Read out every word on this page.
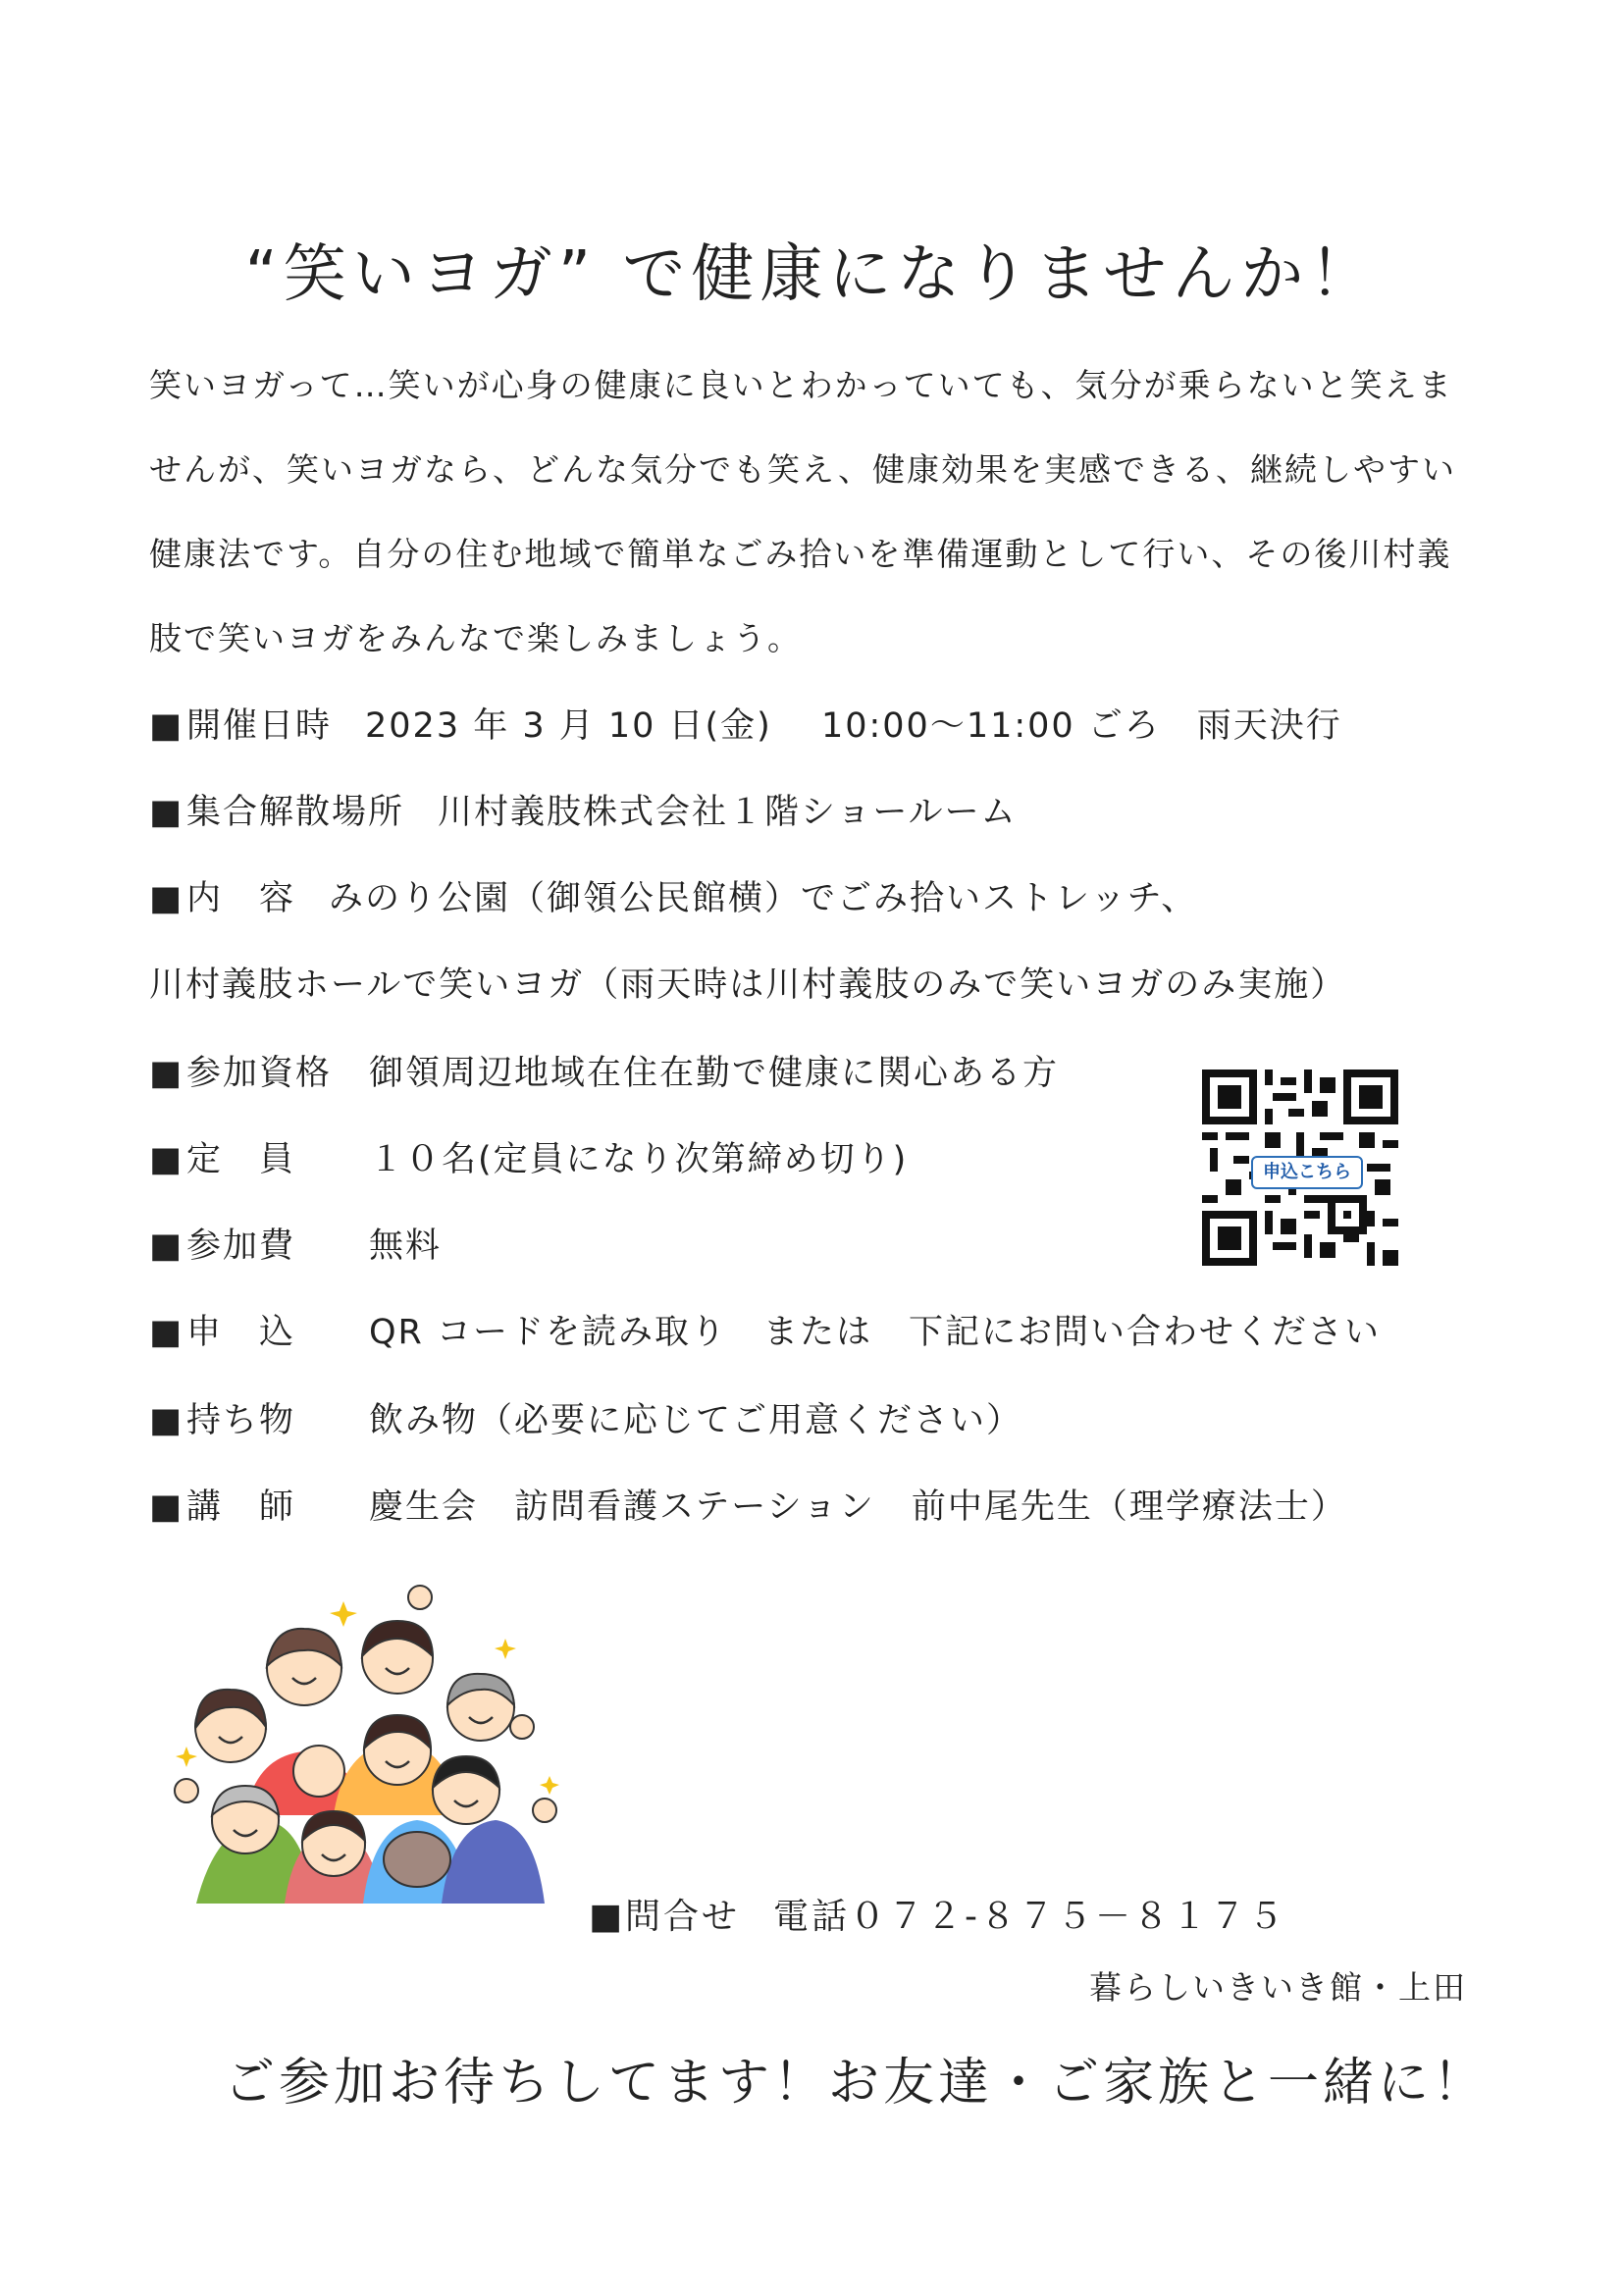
“笑いヨガ” で健康になりませんか！
笑いヨガって…笑いが心身の健康に良いとわかっていても、気分が乗らないと笑えませんが、笑いヨガなら、どんな気分でも笑え、健康効果を実感できる、継続しやすい健康法です。自分の住む地域で簡単なごみ拾いを準備運動として行い、その後川村義肢で笑いヨガをみんなで楽しみましょう。
■開催日時 2023 年 3 月 10 日(金)　 10:00～11:00 ごろ　雨天決行
■集合解散場所 川村義肢株式会社１階ショールーム
■内　容 みのり公園（御領公民館横）でごみ拾いストレッチ、
川村義肢ホールで笑いヨガ（雨天時は川村義肢のみで笑いヨガのみ実施）
■参加資格 御領周辺地域在住在勤で健康に関心ある方
■定　員 １０名(定員になり次第締め切り)
■参加費 無料
■申　込 QR コードを読み取り　または　下記にお問い合わせください
■持ち物 飲み物（必要に応じてご用意ください）
■講　師 慶生会　訪問看護ステーション　前中尾先生（理学療法士）
申込こちら
■問合せ 電話０７２-８７５－８１７５
暮らしいきいき館・上田
ご参加お待ちしてます！お友達・ご家族と一緒に！
